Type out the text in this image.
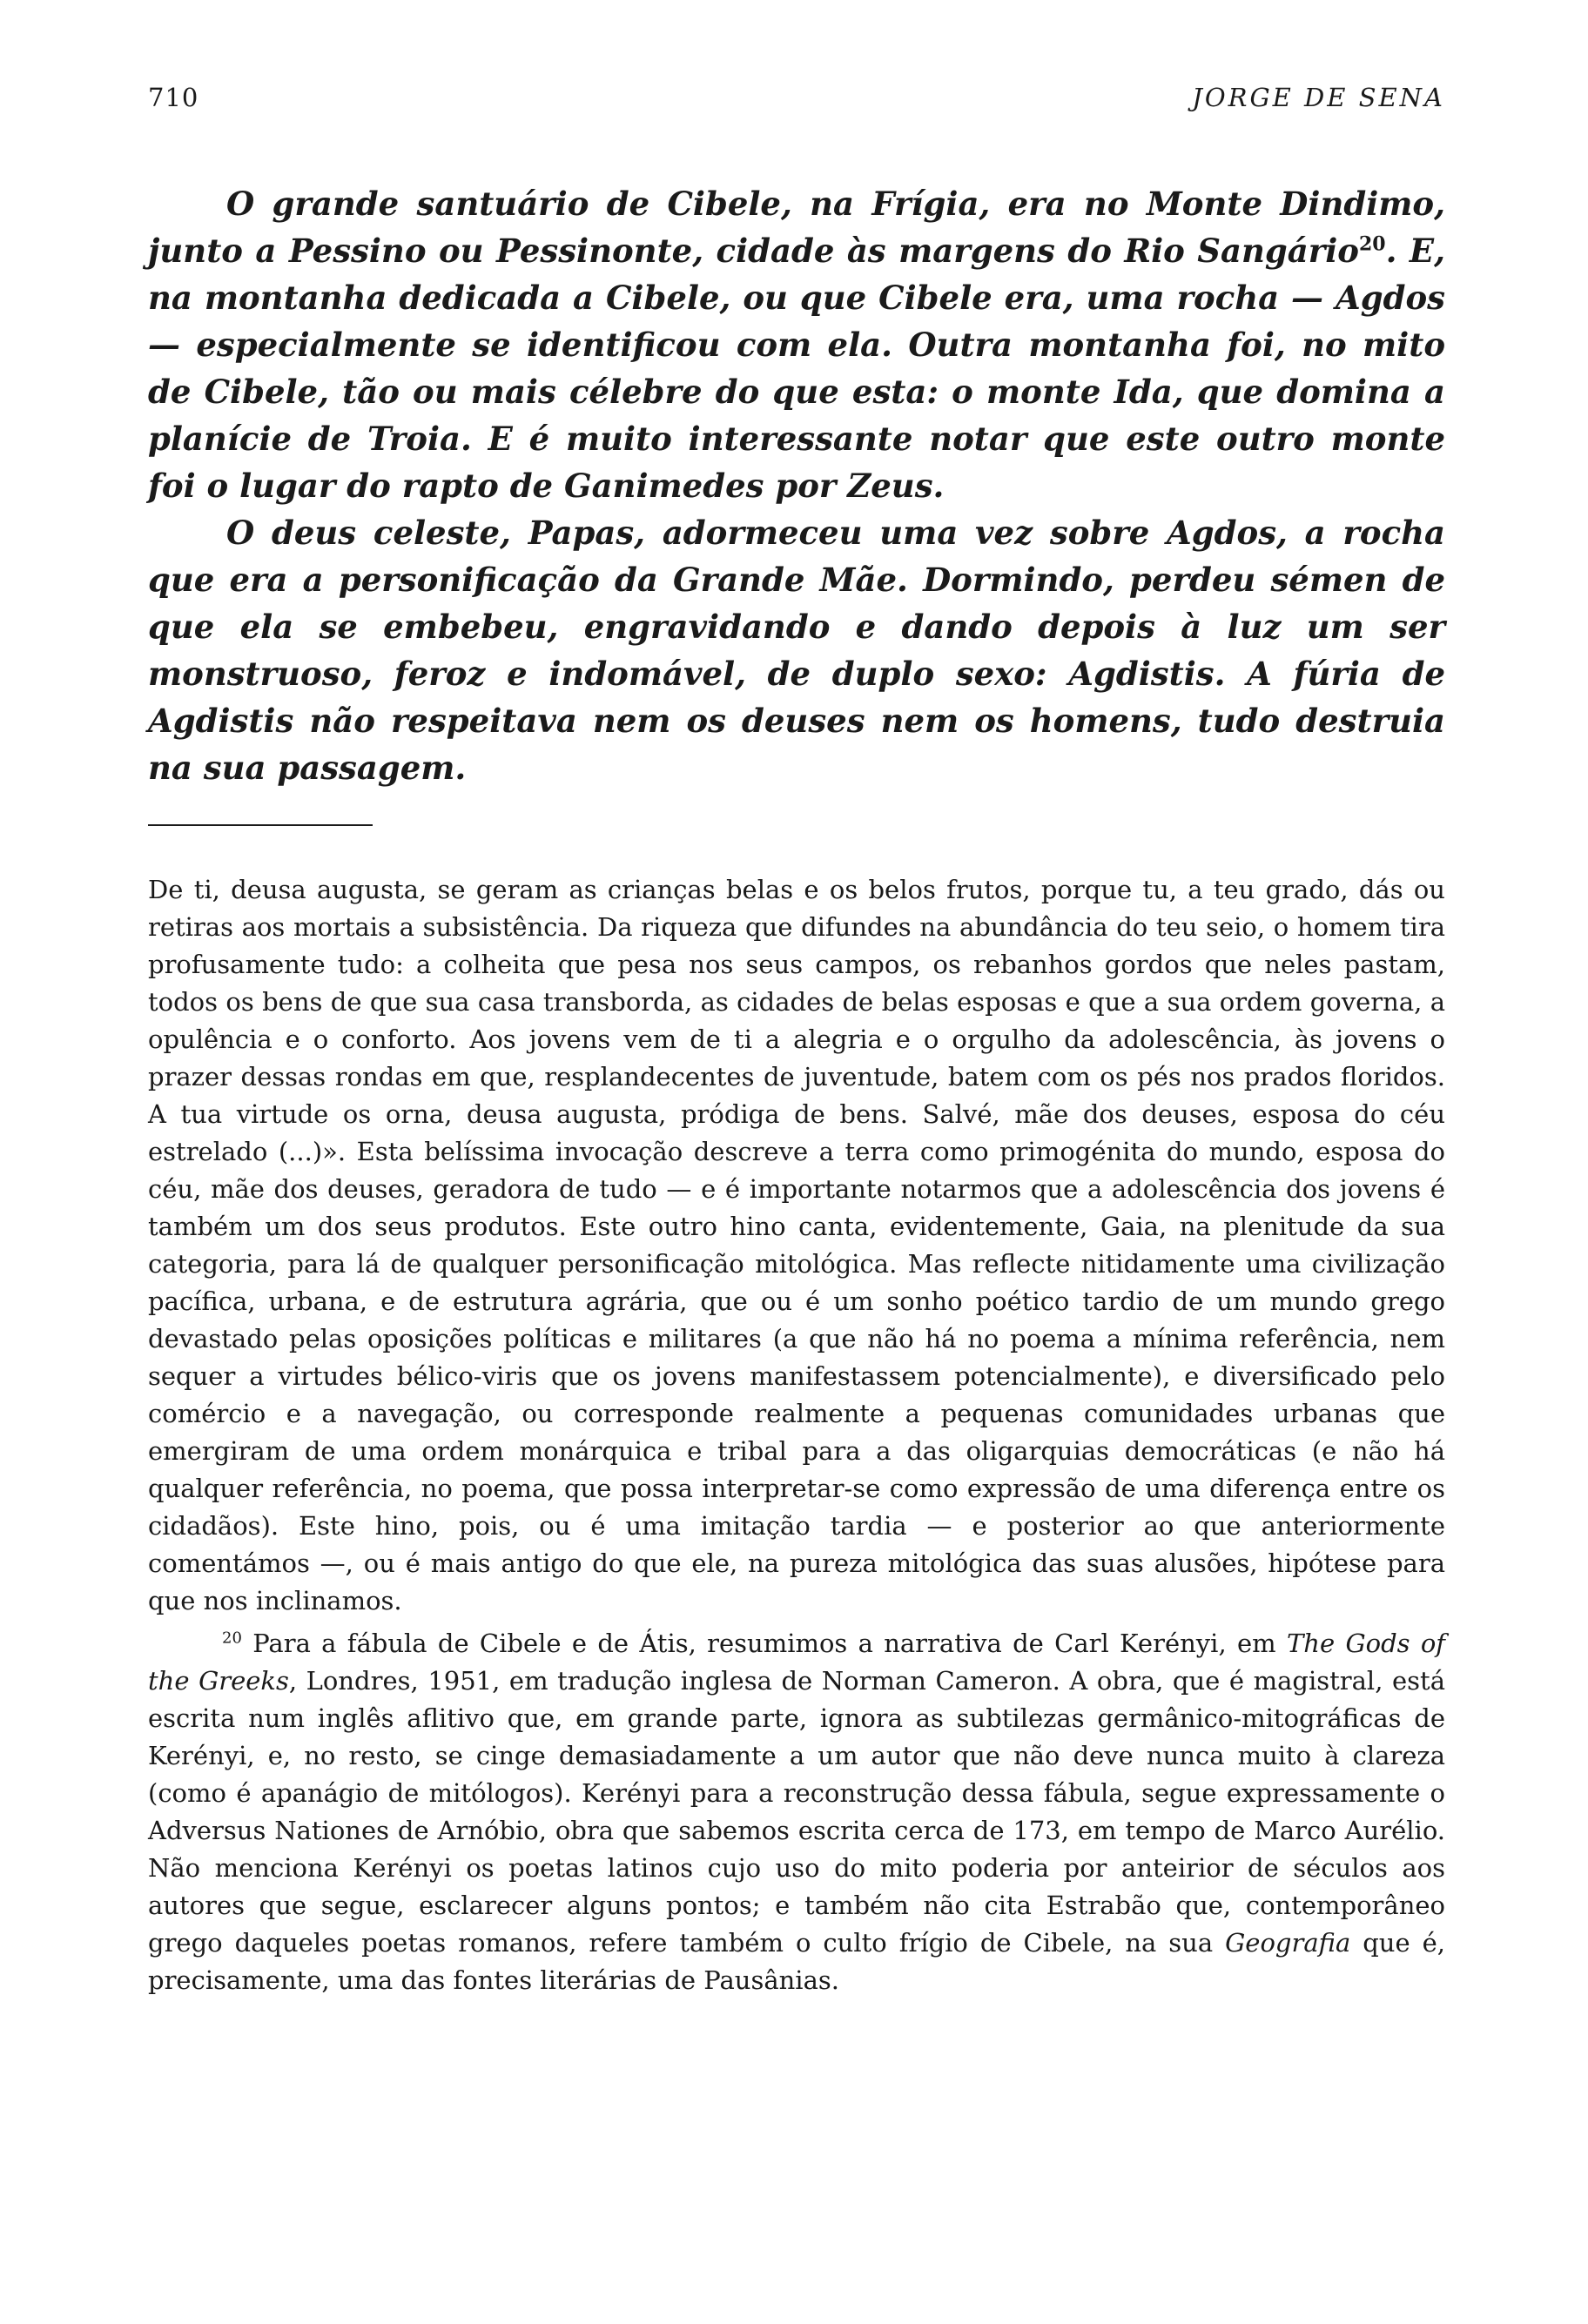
710	JORGE DE SENA

O grande santuário de Cibele, na Frígia, era no Monte Dindimo, junto a Pessino ou Pessinonte, cidade às margens do Rio Sangário$^{20}$. E, na montanha dedicada a Cibele, ou que Cibele era, uma rocha — Agdos — especialmente se identificou com ela. Outra montanha foi, no mito de Cibele, tão ou mais célebre do que esta: o monte Ida, que domina a planície de Troia. E é muito interessante notar que este outro monte foi o lugar do rapto de Ganimedes por Zeus.

O deus celeste, Papas, adormeceu uma vez sobre Agdos, a rocha que era a personificação da Grande Mãe. Dormindo, perdeu sémen de que ela se embebeu, engravidando e dando depois à luz um ser monstruoso, feroz e indomável, de duplo sexo: Agdistis. A fúria de Agdistis não respeitava nem os deuses nem os homens, tudo destruia na sua passagem.

De ti, deusa augusta, se geram as crianças belas e os belos frutos, porque tu, a teu grado, dás ou retiras aos mortais a subsistência. Da riqueza que difundes na abundância do teu seio, o homem tira profusamente tudo: a colheita que pesa nos seus campos, os rebanhos gordos que neles pastam, todos os bens de que sua casa transborda, as cidades de belas esposas e que a sua ordem governa, a opulência e o conforto. Aos jovens vem de ti a alegria e o orgulho da adolescência, às jovens o prazer dessas rondas em que, resplandecentes de juventude, batem com os pés nos prados floridos. A tua virtude os orna, deusa augusta, pródiga de bens. Salvé, mãe dos deuses, esposa do céu estrelado (...)». Esta belíssima invocação descreve a terra como primogénita do mundo, esposa do céu, mãe dos deuses, geradora de tudo — e é importante notarmos que a adolescência dos jovens é também um dos seus produtos. Este outro hino canta, evidentemente, Gaia, na plenitude da sua categoria, para lá de qualquer personificação mitológica. Mas reflecte nitidamente uma civilização pacífica, urbana, e de estrutura agrária, que ou é um sonho poético tardio de um mundo grego devastado pelas oposições políticas e militares (a que não há no poema a mínima referência, nem sequer a virtudes bélico-viris que os jovens manifestassem potencialmente), e diversificado pelo comércio e a navegação, ou corresponde realmente a pequenas comunidades urbanas que emergiram de uma ordem monárquica e tribal para a das oligarquias democráticas (e não há qualquer referência, no poema, que possa interpretar-se como expressão de uma diferença entre os cidadãos). Este hino, pois, ou é uma imitação tardia — e posterior ao que anteriormente comentámos —, ou é mais antigo do que ele, na pureza mitológica das suas alusões, hipótese para que nos inclinamos.

$^{20}$ Para a fábula de Cibele e de Átis, resumimos a narrativa de Carl Kerényi, em The Gods of the Greeks, Londres, 1951, em tradução inglesa de Norman Cameron. A obra, que é magistral, está escrita num inglês aflitivo que, em grande parte, ignora as subtilezas germânico-mitográficas de Kerényi, e, no resto, se cinge demasiadamente a um autor que não deve nunca muito à clareza (como é apanágio de mitólogos). Kerényi para a reconstrução dessa fábula, segue expressamente o Adversus Nationes de Arnóbio, obra que sabemos escrita cerca de 173, em tempo de Marco Aurélio. Não menciona Kerényi os poetas latinos cujo uso do mito poderia por anteirior de séculos aos autores que segue, esclarecer alguns pontos; e também não cita Estrabão que, contemporâneo grego daqueles poetas romanos, refere também o culto frígio de Cibele, na sua Geografia que é, precisamente, uma das fontes literárias de Pausânias.
